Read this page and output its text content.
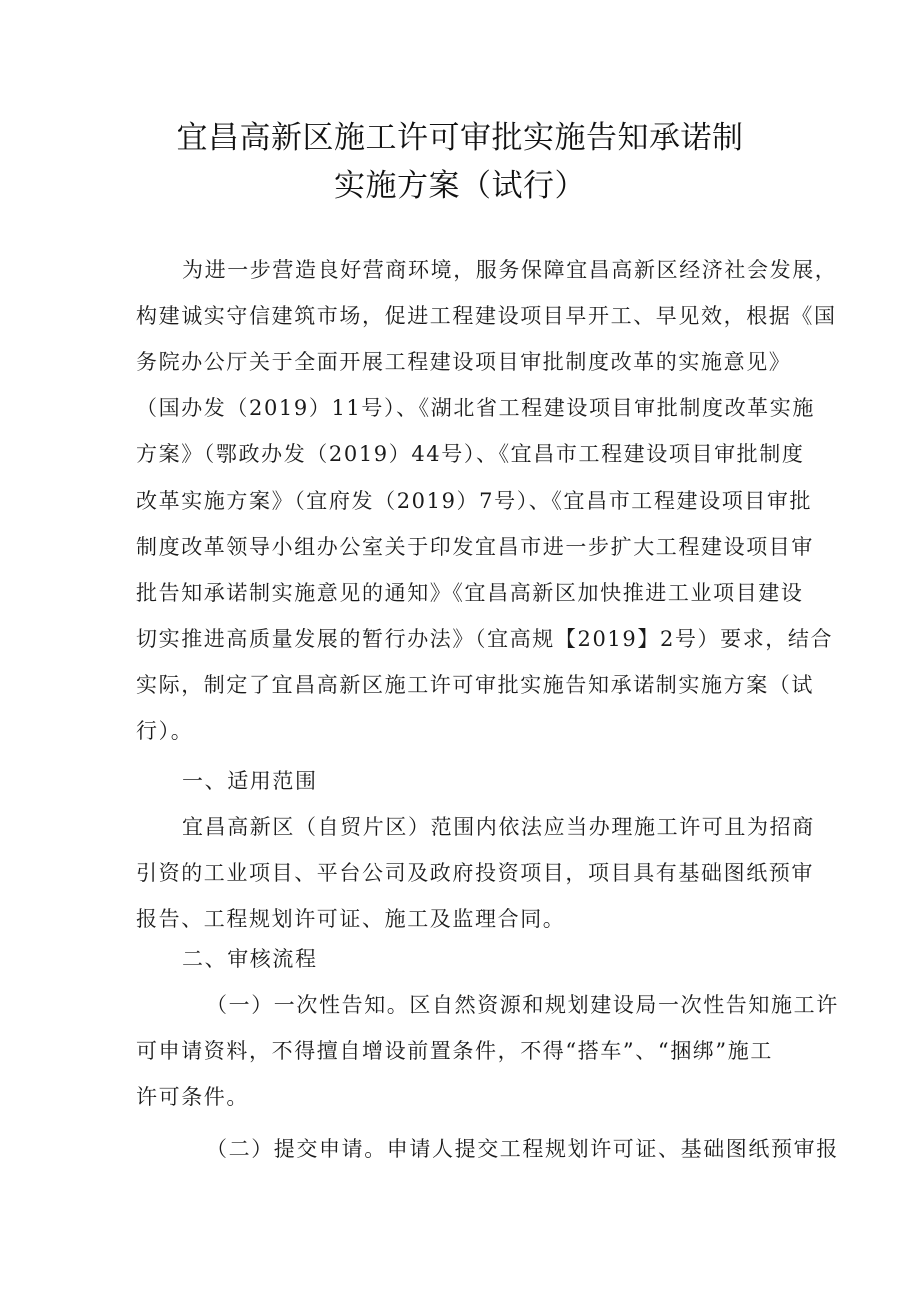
宜昌高新区施工许可审批实施告知承诺制
实施方案（试行）
为进一步营造良好营商环境，服务保障宜昌高新区经济社会发展，
构建诚实守信建筑市场，促进工程建设项目早开工、早见效，根据《国
务院办公厅关于全面开展工程建设项目审批制度改革的实施意见》
（国办发（2019）11号）、《湖北省工程建设项目审批制度改革实施
方案》（鄂政办发（2019）44号）、《宜昌市工程建设项目审批制度
改革实施方案》（宜府发（2019）7号）、《宜昌市工程建设项目审批
制度改革领导小组办公室关于印发宜昌市进一步扩大工程建设项目审
批告知承诺制实施意见的通知》《宜昌高新区加快推进工业项目建设
切实推进高质量发展的暂行办法》（宜高规【2019】2号）要求，结合
实际，制定了宜昌高新区施工许可审批实施告知承诺制实施方案（试
行）。
一、适用范围
宜昌高新区（自贸片区）范围内依法应当办理施工许可且为招商
引资的工业项目、平台公司及政府投资项目，项目具有基础图纸预审
报告、工程规划许可证、施工及监理合同。
二、审核流程
（一）一次性告知。区自然资源和规划建设局一次性告知施工许
可申请资料，不得擅自增设前置条件，不得“搭车”、“捆绑”施工
许可条件。
（二）提交申请。申请人提交工程规划许可证、基础图纸预审报
